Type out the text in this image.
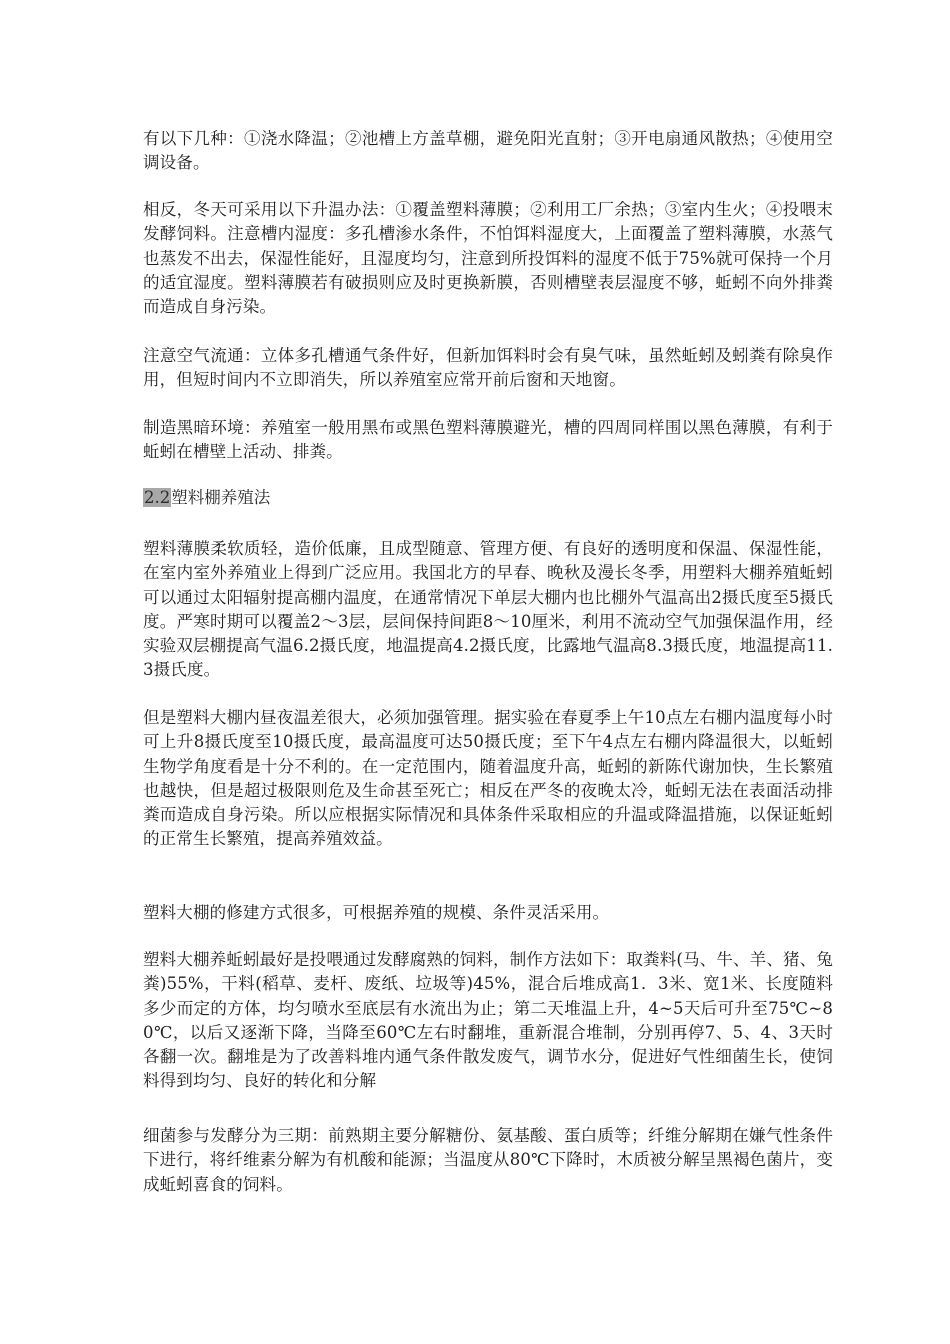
有以下几种：①浇水降温；②池槽上方盖草棚，避免阳光直射；③开电扇通风散热；④使用空调设备。

相反，冬天可采用以下升温办法：①覆盖塑料薄膜；②利用工厂余热；③室内生火；④投喂末发酵饲料。注意槽内湿度：多孔槽渗水条件，不怕饵料湿度大，上面覆盖了塑料薄膜，水蒸气也蒸发不出去，保湿性能好，且湿度均匀，注意到所投饵料的湿度不低于75%就可保持一个月的适宜湿度。塑料薄膜若有破损则应及时更换新膜，否则槽壁表层湿度不够，蚯蚓不向外排粪而造成自身污染。

注意空气流通：立体多孔槽通气条件好，但新加饵料时会有臭气味，虽然蚯蚓及蚓粪有除臭作用，但短时间内不立即消失，所以养殖室应常开前后窗和天地窗。

制造黑暗环境：养殖室一般用黑布或黑色塑料薄膜避光，槽的四周同样围以黑色薄膜，有利于蚯蚓在槽壁上活动、排粪。

2.2塑料棚养殖法

塑料薄膜柔软质轻，造价低廉，且成型随意、管理方便、有良好的透明度和保温、保湿性能，在室内室外养殖业上得到广泛应用。我国北方的早春、晚秋及漫长冬季，用塑料大棚养殖蚯蚓可以通过太阳辐射提高棚内温度，在通常情况下单层大棚内也比棚外气温高出2摄氏度至5摄氏度。严寒时期可以覆盖2～3层，层间保持间距8～10厘米，利用不流动空气加强保温作用，经实验双层棚提高气温6.2摄氏度，地温提高4.2摄氏度，比露地气温高8.3摄氏度，地温提高11.3摄氏度。

但是塑料大棚内昼夜温差很大，必须加强管理。据实验在春夏季上午10点左右棚内温度每小时可上升8摄氏度至10摄氏度，最高温度可达50摄氏度；至下午4点左右棚内降温很大，以蚯蚓生物学角度看是十分不利的。在一定范围内，随着温度升高，蚯蚓的新陈代谢加快，生长繁殖也越快，但是超过极限则危及生命甚至死亡；相反在严冬的夜晚太冷，蚯蚓无法在表面活动排粪而造成自身污染。所以应根据实际情况和具体条件采取相应的升温或降温措施，以保证蚯蚓的正常生长繁殖，提高养殖效益。

塑料大棚的修建方式很多，可根据养殖的规模、条件灵活采用。

塑料大棚养蚯蚓最好是投喂通过发酵腐熟的饲料，制作方法如下：取粪料(马、牛、羊、猪、兔粪)55%，干料(稻草、麦杆、废纸、垃圾等)45%，混合后堆成高1．3米、宽1米、长度随料多少而定的方体，均匀喷水至底层有水流出为止；第二天堆温上升，4~5天后可升至75℃~80℃，以后又逐渐下降，当降至60℃左右时翻堆，重新混合堆制，分别再停7、5、4、3天时各翻一次。翻堆是为了改善料堆内通气条件散发废气，调节水分，促进好气性细菌生长，使饲料得到均匀、良好的转化和分解

细菌参与发酵分为三期：前熟期主要分解糖份、氨基酸、蛋白质等；纤维分解期在嫌气性条件下进行，将纤维素分解为有机酸和能源；当温度从80℃下降时，木质被分解呈黑褐色菌片，变成蚯蚓喜食的饲料。
